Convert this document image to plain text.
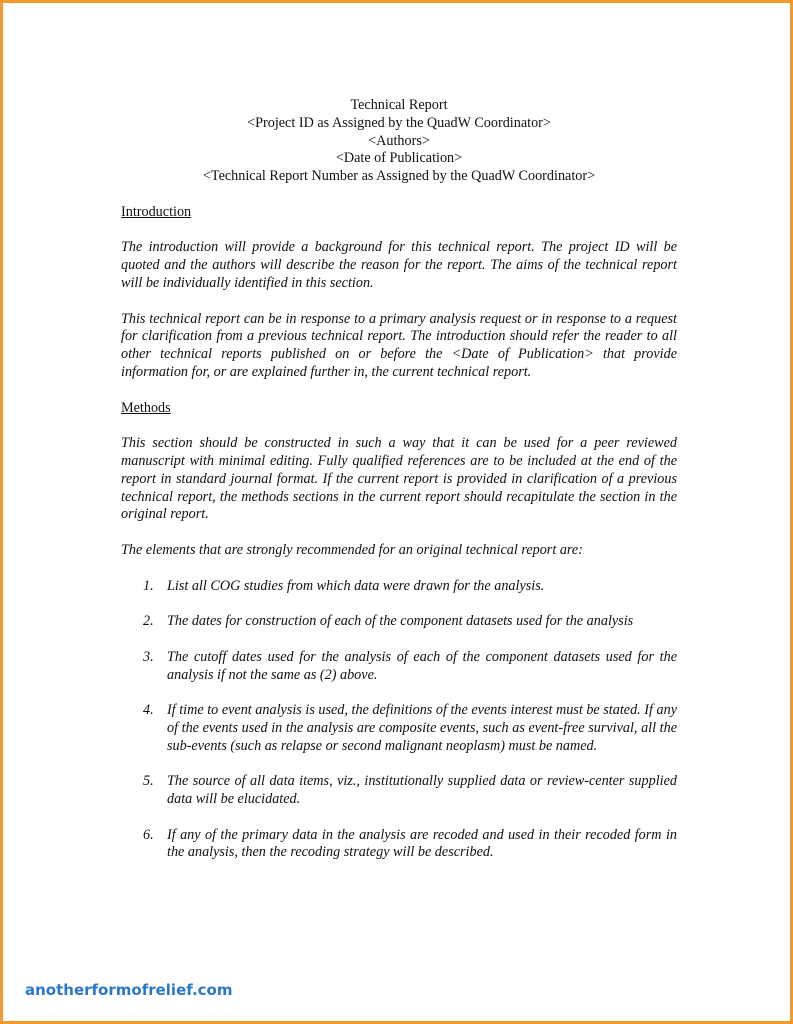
Technical Report
<Project ID as Assigned by the QuadW Coordinator>
<Authors>
<Date of Publication>
<Technical Report Number as Assigned by the QuadW Coordinator>

Introduction

The introduction will provide a background for this technical report. The project ID will be quoted and the authors will describe the reason for the report. The aims of the technical report will be individually identified in this section.

This technical report can be in response to a primary analysis request or in response to a request for clarification from a previous technical report. The introduction should refer the reader to all other technical reports published on or before the <Date of Publication> that provide information for, or are explained further in, the current technical report.

Methods

This section should be constructed in such a way that it can be used for a peer reviewed manuscript with minimal editing. Fully qualified references are to be included at the end of the report in standard journal format. If the current report is provided in clarification of a previous technical report, the methods sections in the current report should recapitulate the section in the original report.

The elements that are strongly recommended for an original technical report are:

1. List all COG studies from which data were drawn for the analysis.
2. The dates for construction of each of the component datasets used for the analysis
3. The cutoff dates used for the analysis of each of the component datasets used for the analysis if not the same as (2) above.
4. If time to event analysis is used, the definitions of the events interest must be stated. If any of the events used in the analysis are composite events, such as event-free survival, all the sub-events (such as relapse or second malignant neoplasm) must be named.
5. The source of all data items, viz., institutionally supplied data or review-center supplied data will be elucidated.
6. If any of the primary data in the analysis are recoded and used in their recoded form in the analysis, then the recoding strategy will be described.
anotherformofrelief.com
